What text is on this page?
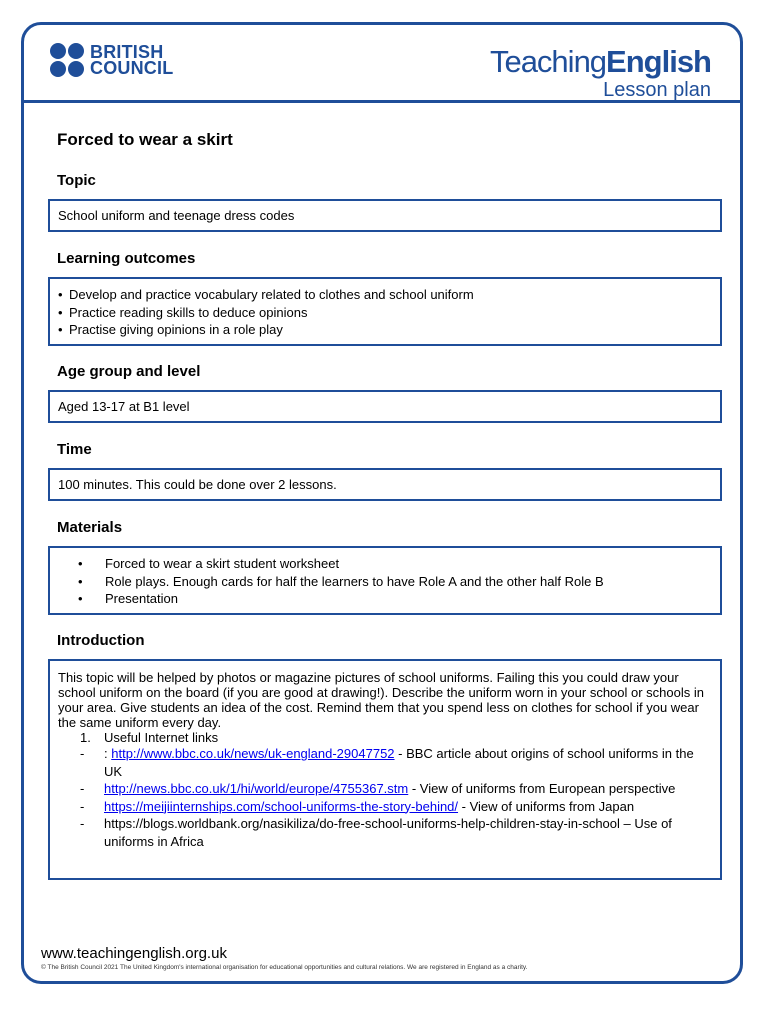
BRITISH
COUNCIL	TeachingEnglish
Lesson plan
Forced to wear a skirt
Topic
School uniform and teenage dress codes
Learning outcomes
• Develop and practice vocabulary related to clothes and school uniform
• Practice reading skills to deduce opinions
• Practise giving opinions in a role play
Age group and level
Aged 13-17 at B1 level
Time
100 minutes. This could be done over 2 lessons.
Materials
• Forced to wear a skirt student worksheet
• Role plays. Enough cards for half the learners to have Role A and the other half Role B
• Presentation
Introduction

This topic will be helped by photos or magazine pictures of school uniforms. Failing this you could draw your school uniform on the board (if you are good at drawing!). Describe the uniform worn in your school or schools in your area. Give students an idea of the cost. Remind them that you spend less on clothes for school if you wear the same uniform every day.

1. Useful Internet links
- : http://www.bbc.co.uk/news/uk-england-29047752 - BBC article about origins of school uniforms in the UK
- http://news.bbc.co.uk/1/hi/world/europe/4755367.stm - View of uniforms from European perspective
- https://meijiinternships.com/school-uniforms-the-story-behind/ - View of uniforms from Japan
- https://blogs.worldbank.org/nasikiliza/do-free-school-uniforms-help-children-stay-in-school – Use of uniforms in Africa
www.teachingenglish.org.uk
© The British Council 2021 The United Kingdom's international organisation for educational opportunities and cultural relations. We are registered in England as a charity.
